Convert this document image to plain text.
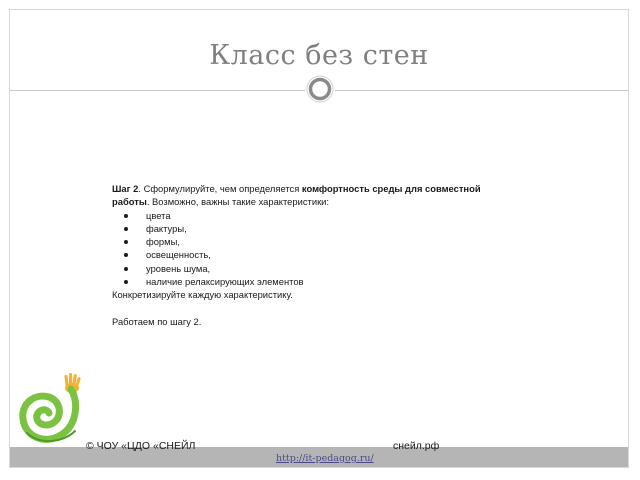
Класс без стен

Шаг 2. Сформулируйте, чем определяется комфортность среды для совместной работы. Возможно, важны такие характеристики:

цвета
фактуры,
формы,
освещенность,
уровень шума,
наличие релаксирующих элементов

Конкретизируйте каждую характеристику.

Работаем по шагу 2.

© ЧОУ «ЦДО «СНЕЙЛ	снейл.рф
http://it-pedagog.ru/
